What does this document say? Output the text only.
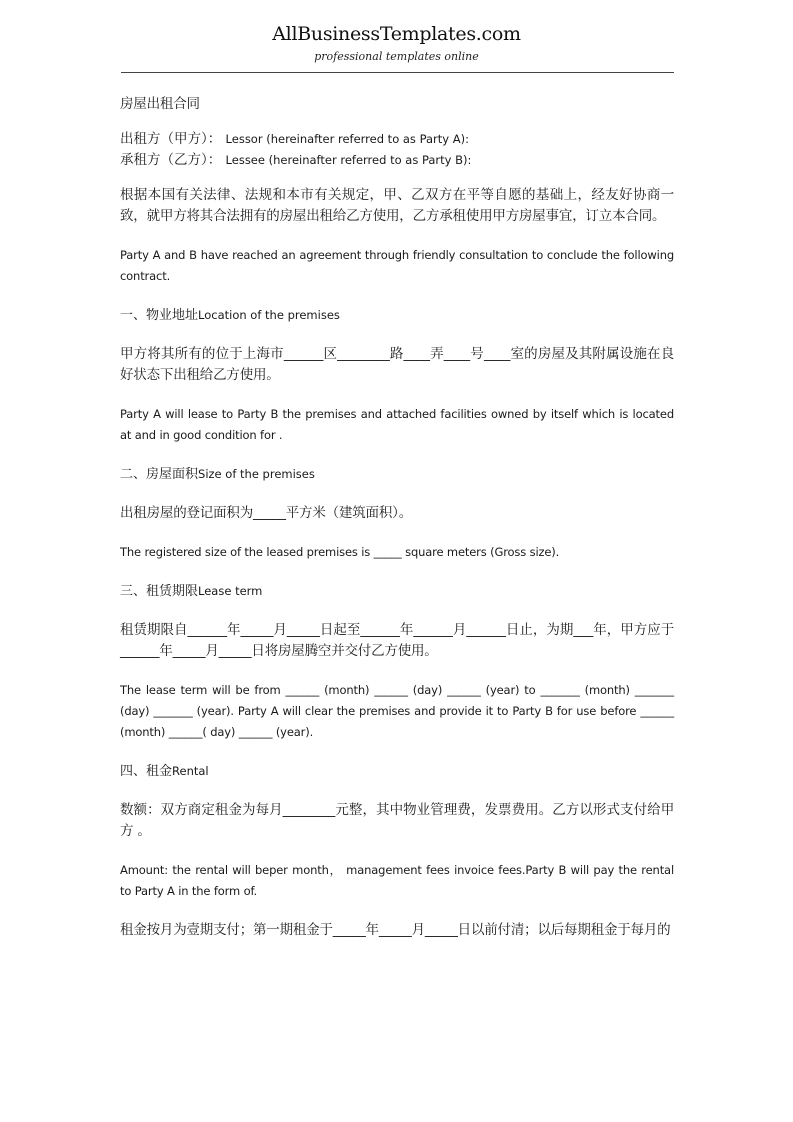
AllBusinessTemplates.com
professional templates online

房屋出租合同

出租方（甲方）： Lessor (hereinafter referred to as Party A):
承租方（乙方）： Lessee (hereinafter referred to as Party B):

根据本国有关法律、法规和本市有关规定，甲、乙双方在平等自愿的基础上，经友好协商一致，就甲方将其合法拥有的房屋出租给乙方使用，乙方承租使用甲方房屋事宜，订立本合同。

Party A and B have reached an agreement through friendly consultation to conclude the following contract.

一、物业地址Location of the premises

甲方将其所有的位于上海市______区________路____弄____号____室的房屋及其附属设施在良好状态下出租给乙方使用。

Party A will lease to Party B the premises and attached facilities owned by itself which is located at and in good condition for .

二、房屋面积Size of the premises

出租房屋的登记面积为_____平方米（建筑面积）。

The registered size of the leased premises is _____ square meters (Gross size).

三、租赁期限Lease term

租赁期限自______年_____月_____日起至______年______月______日止，为期___年，甲方应于______年_____月_____日将房屋腾空并交付乙方使用。

The lease term will be from ______ (month) ______ (day) ______ (year) to _______ (month) _______ (day) _______ (year). Party A will clear the premises and provide it to Party B for use before ______ (month) ______( day) ______ (year).

四、租金Rental

数额：双方商定租金为每月________元整，其中物业管理费，发票费用。乙方以形式支付给甲方 。

Amount: the rental will beper month， management fees invoice fees.Party B will pay the rental to Party A in the form of.

租金按月为壹期支付；第一期租金于_____年_____月_____日以前付清；以后每期租金于每月的
